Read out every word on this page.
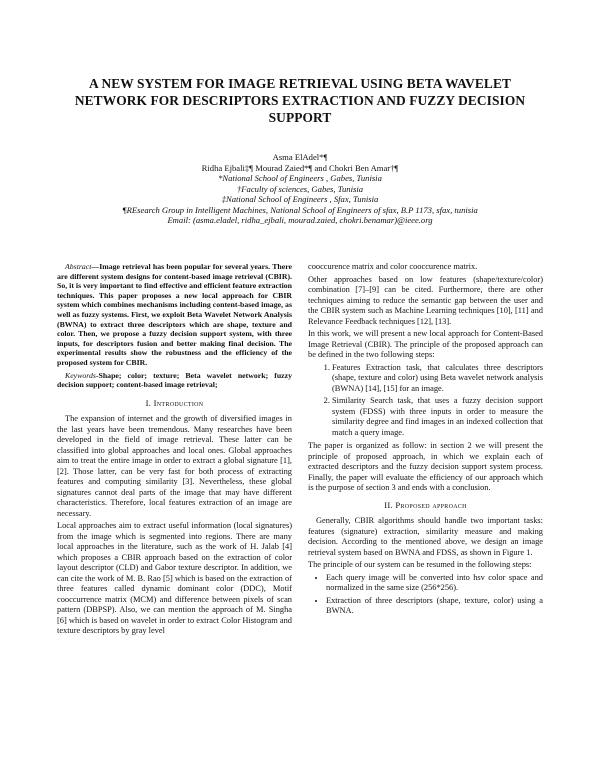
A NEW SYSTEM FOR IMAGE RETRIEVAL USING BETA WAVELET NETWORK FOR DESCRIPTORS EXTRACTION AND FUZZY DECISION SUPPORT
Asma ElAdel*¶
Ridha Ejbali‡¶ Mourad Zaied*¶ and Chokri Ben Amar†¶
*National School of Engineers , Gabes, Tunisia
†Faculty of sciences, Gabes, Tunisia
‡National School of Engineers , Sfax, Tunisia
¶REsearch Group in Intelligent Machines, National School of Engineers of sfax, B.P 1173, sfax, tunisia
Email: (asma.eladel, ridha_ejbali, mourad.zaied, chokri.benamar)@ieee.org

Abstract—Image retrieval has been popular for several years. There are different system designs for content-based image retrieval (CBIR). So, it is very important to find effective and efficient feature extraction techniques. This paper proposes a new local approach for CBIR system which combines mechanisms including content-based image, as well as fuzzy systems. First, we exploit Beta Wavelet Network Analysis (BWNA) to extract three descriptors which are shape, texture and color. Then, we propose a fuzzy decision support system, with three inputs, for descriptors fusion and better making final decision. The experimental results show the robustness and the efficiency of the proposed system for CBIR.

Keywords-Shape; color; texture; Beta wavelet network; fuzzy decision support; content-based image retrieval;

I. Introduction

The expansion of internet and the growth of diversified images in the last years have been tremendous. Many researches have been developed in the field of image retrieval. These latter can be classified into global approaches and local ones. Global approaches aim to treat the entire image in order to extract a global signature [1], [2]. Those latter, can be very fast for both process of extracting features and computing similarity [3]. Nevertheless, these global signatures cannot deal parts of the image that may have different characteristics. Therefore, local features extraction of an image are necessary.

Local approaches aim to extract useful information (local signatures) from the image which is segmented into regions. There are many local approaches in the literature, such as the work of H. Jalab [4] which proposes a CBIR approach based on the extraction of color layout descriptor (CLD) and Gabor texture descriptor. In addition, we can cite the work of M. B. Rao [5] which is based on the extraction of three features called dynamic dominant color (DDC), Motif cooccurrence matrix (MCM) and difference between pixels of scan pattern (DBPSP). Also, we can mention the approach of M. Singha [6] which is based on wavelet in order to extract Color Histogram and texture descriptors by gray level

cooccurence matrix and color cooccurence matrix.

Other approaches based on low features (shape/texture/color) combination [7]–[9] can be cited. Furthermore, there are other techniques aiming to reduce the semantic gap between the user and the CBIR system such as Machine Learning techniques [10], [11] and Relevance Feedback techniques [12], [13].

In this work, we will present a new local approach for Content-Based Image Retrieval (CBIR). The principle of the proposed approach can be defined in the two following steps:

1. Features Extraction task, that calculates three descriptors (shape, texture and color) using Beta wavelet network analysis (BWNA) [14], [15] for an image.
2. Similarity Search task, that uses a fuzzy decision support system (FDSS) with three inputs in order to measure the similarity degree and find images in an indexed collection that match a query image.

The paper is organized as follow: in section 2 we will present the principle of proposed approach, in which we explain each of extracted descriptors and the fuzzy decision support system process. Finally, the paper will evaluate the efficiency of our approach which is the purpose of section 3 and ends with a conclusion.

II. Proposed approach

Generally, CBIR algorithms should handle two important tasks: features (signature) extraction, similarity measure and making decision. According to the mentioned above, we design an image retrieval system based on BWNA and FDSS, as shown in Figure 1.

The principle of our system can be resumed in the following steps:

• Each query image will be converted into hsv color space and normalized in the same size (256*256).
• Extraction of three descriptors (shape, texture, color) using a BWNA.
